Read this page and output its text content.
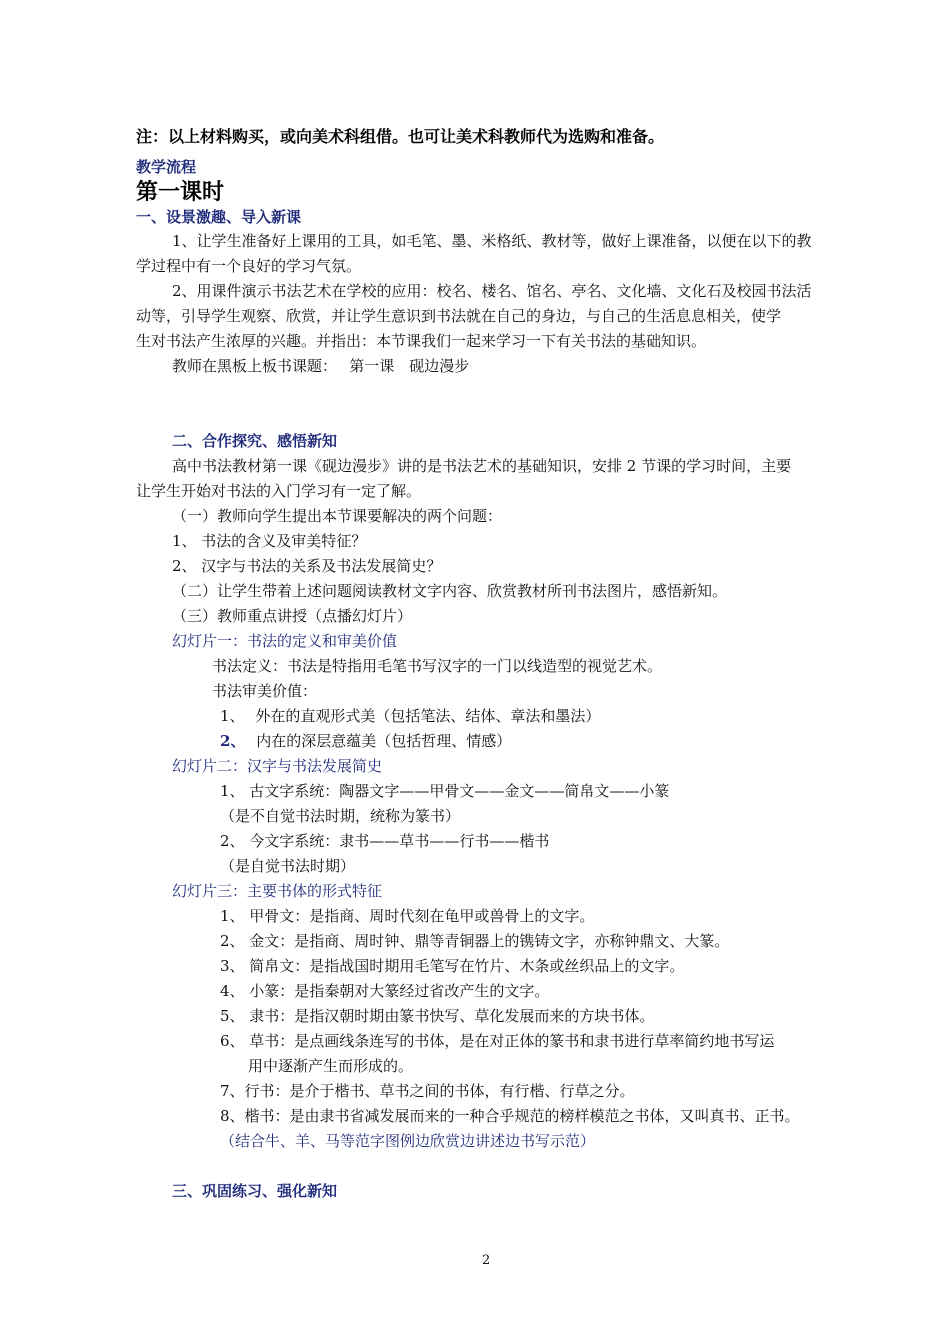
注：以上材料购买，或向美术科组借。也可让美术科教师代为选购和准备。
教学流程
第一课时
一、设景激趣、导入新课
1、让学生准备好上课用的工具，如毛笔、墨、米格纸、教材等，做好上课准备，以便在以下的教
学过程中有一个良好的学习气氛。
2、用课件演示书法艺术在学校的应用：校名、楼名、馆名、亭名、文化墙、文化石及校园书法活
动等，引导学生观察、欣赏，并让学生意识到书法就在自己的身边，与自己的生活息息相关，使学
生对书法产生浓厚的兴趣。并指出：本节课我们一起来学习一下有关书法的基础知识。
教师在黑板上板书课题：　 第一课　砚边漫步
二、合作探究、感悟新知
高中书法教材第一课《砚边漫步》讲的是书法艺术的基础知识，安排 2 节课的学习时间，主要
让学生开始对书法的入门学习有一定了解。
（一）教师向学生提出本节课要解决的两个问题：
1、 书法的含义及审美特征？
2、 汉字与书法的关系及书法发展简史？
（二）让学生带着上述问题阅读教材文字内容、欣赏教材所刊书法图片，感悟新知。
（三）教师重点讲授（点播幻灯片）
幻灯片一：书法的定义和审美价值
书法定义：书法是特指用毛笔书写汉字的一门以线造型的视觉艺术。
书法审美价值：
1、 外在的直观形式美（包括笔法、结体、章法和墨法）
2、 内在的深层意蕴美（包括哲理、情感）
幻灯片二：汉字与书法发展简史
1、 古文字系统：陶器文字——甲骨文——金文——简帛文——小篆
（是不自觉书法时期，统称为篆书）
2、 今文字系统：隶书——草书——行书——楷书
（是自觉书法时期）
幻灯片三：主要书体的形式特征
1、 甲骨文：是指商、周时代刻在龟甲或兽骨上的文字。
2、 金文：是指商、周时钟、鼎等青铜器上的镌铸文字，亦称钟鼎文、大篆。
3、 简帛文：是指战国时期用毛笔写在竹片、木条或丝织品上的文字。
4、 小篆：是指秦朝对大篆经过省改产生的文字。
5、 隶书：是指汉朝时期由篆书快写、草化发展而来的方块书体。
6、 草书：是点画线条连写的书体，是在对正体的篆书和隶书进行草率简约地书写运
用中逐渐产生而形成的。
7、行书：是介于楷书、草书之间的书体，有行楷、行草之分。
8、楷书：是由隶书省减发展而来的一种合乎规范的榜样模范之书体，又叫真书、正书。
（结合牛、羊、马等范字图例边欣赏边讲述边书写示范）
三、巩固练习、强化新知
2
